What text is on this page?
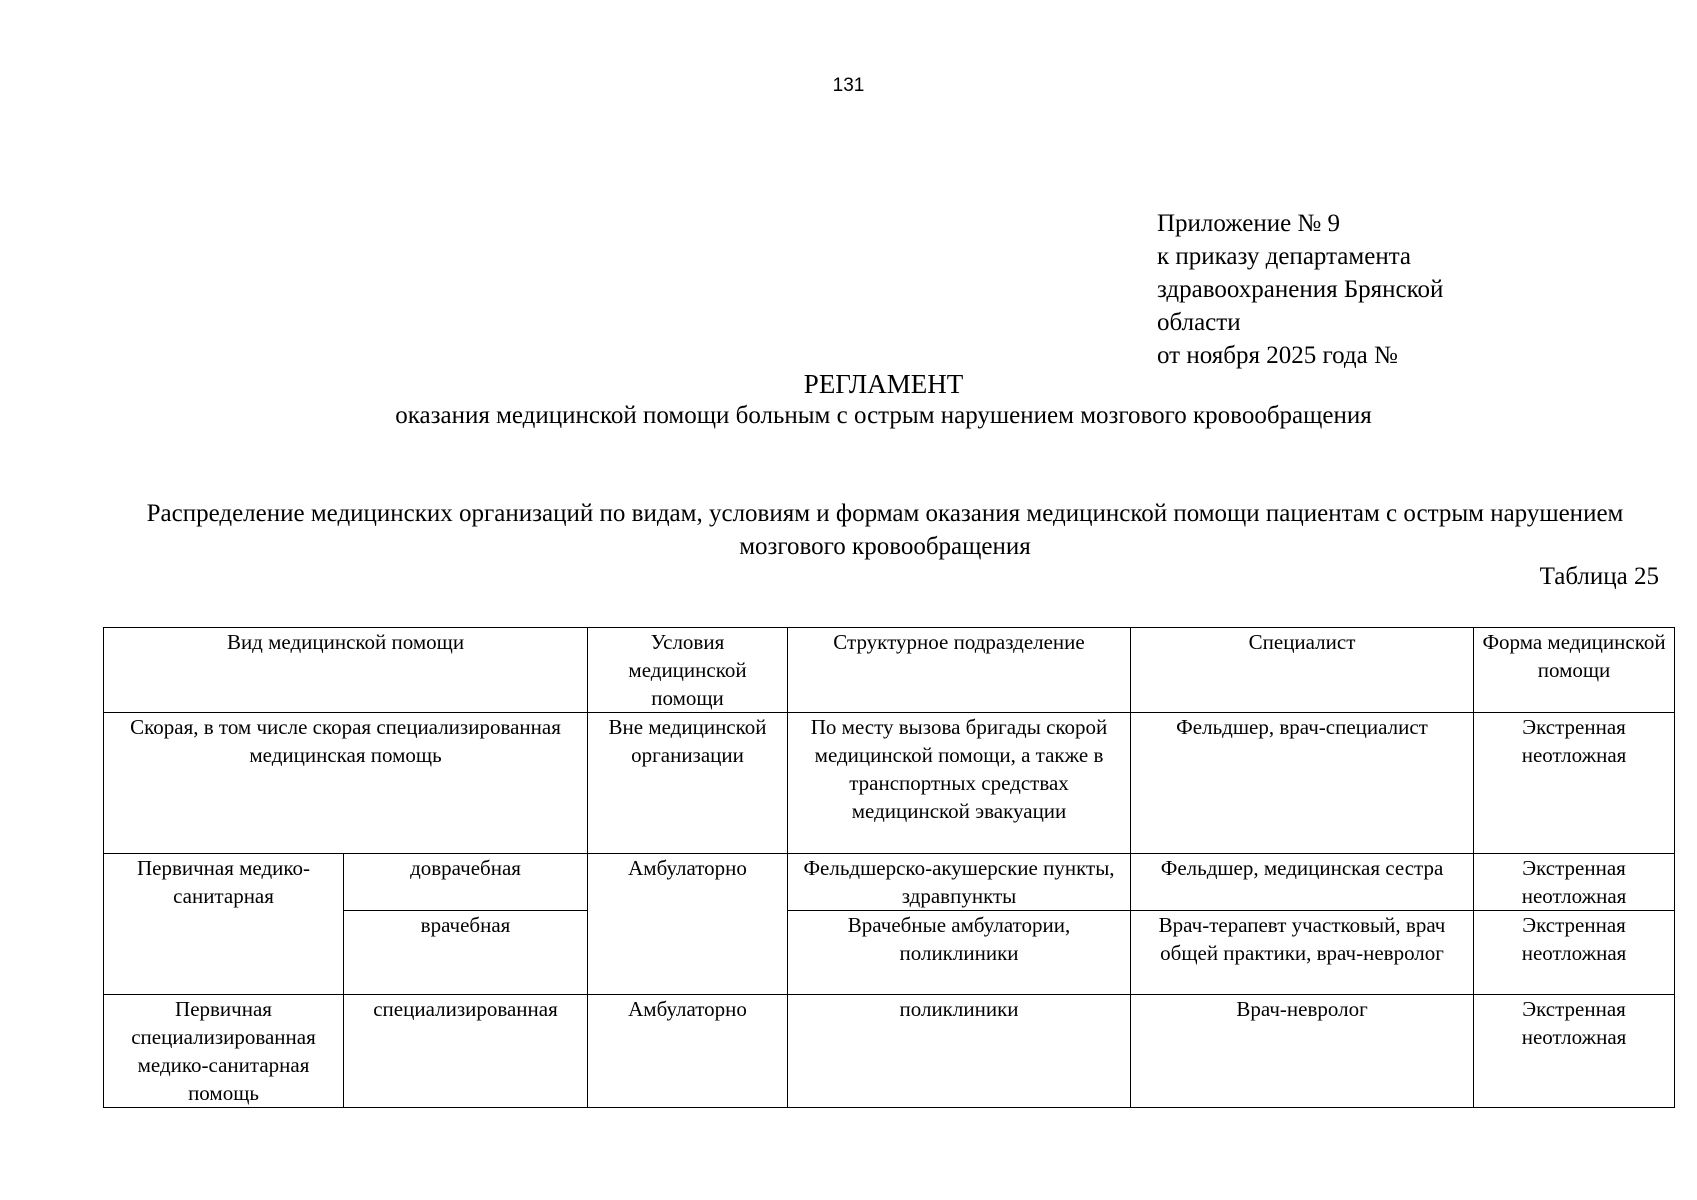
131
Приложение № 9
к приказу департамента
здравоохранения Брянской
области
от ноября 2025 года №
РЕГЛАМЕНТ
оказания медицинской помощи больным с острым нарушением мозгового кровообращения
Распределение медицинских организаций по видам, условиям и формам оказания медицинской помощи пациентам с острым нарушением мозгового кровообращения
Таблица 25
Вид медицинской помощи		Условия медицинской помощи	Структурное подразделение	Специалист	Форма медицинской помощи
Скорая, в том числе скорая специализированная медицинская помощь		Вне медицинской организации	По месту вызова бригады скорой медицинской помощи, а также в транспортных средствах медицинской эвакуации	Фельдшер, врач-специалист	Экстренная неотложная
Первичная медико-санитарная	доврачебная	Амбулаторно	Фельдшерско-акушерские пункты, здравпункты	Фельдшер, медицинская сестра	Экстренная неотложная
	врачебная		Врачебные амбулатории, поликлиники	Врач-терапевт участковый, врач общей практики, врач-невролог	Экстренная неотложная
Первичная специализированная медико-санитарная помощь	специализированная	Амбулаторно	поликлиники	Врач-невролог	Экстренная неотложная
